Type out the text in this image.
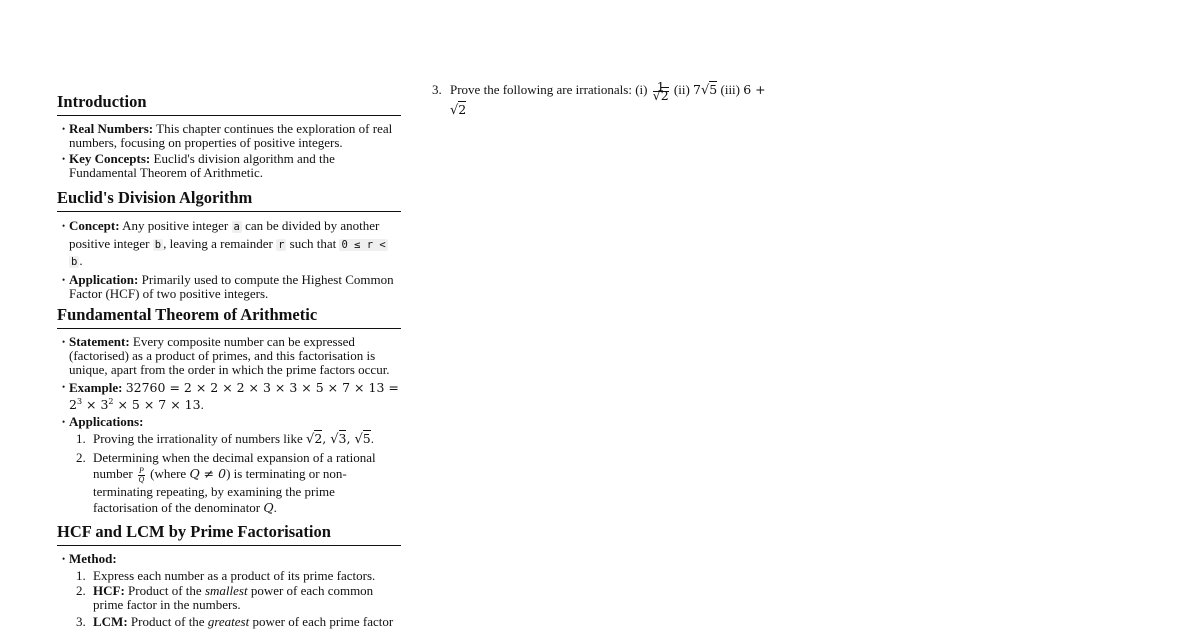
Introduction
• Real Numbers: This chapter continues the exploration of real numbers, focusing on properties of positive integers.
• Key Concepts: Euclid's division algorithm and the Fundamental Theorem of Arithmetic.
Euclid's Division Algorithm
• Concept: Any positive integer a can be divided by another positive integer b , leaving a remainder r such that 0 ≤ r <
b .
• Application: Primarily used to compute the Highest Common Factor (HCF) of two positive integers.
Fundamental Theorem of Arithmetic
• Statement: Every composite number can be expressed (factorised) as a product of primes, and this factorisation is unique, apart from the order in which the prime factors occur.
• Example: 32760 = 2 × 2 × 2 × 3 × 3 × 5 × 7 × 13 =
$2^3 \times 3^2 \times 5 \times 7 \times 13$.
• Applications:
1. Proving the irrationality of numbers like √2, √3, √5.
2. Determining when the decimal expansion of a rational number $\frac{P}{Q}$ (where Q ≠ 0) is terminating or non-terminating repeating, by examining the prime factorisation of the denominator Q.
HCF and LCM by Prime Factorisation
• Method:
1. Express each number as a product of its prime factors.
2. HCF: Product of the smallest power of each common prime factor in the numbers.
3. LCM: Product of the greatest power of each prime factor
3. Prove the following are irrationals: $(i) \frac{1}{√2} (ii)$ 7√5 (iii) 6 +
√2
